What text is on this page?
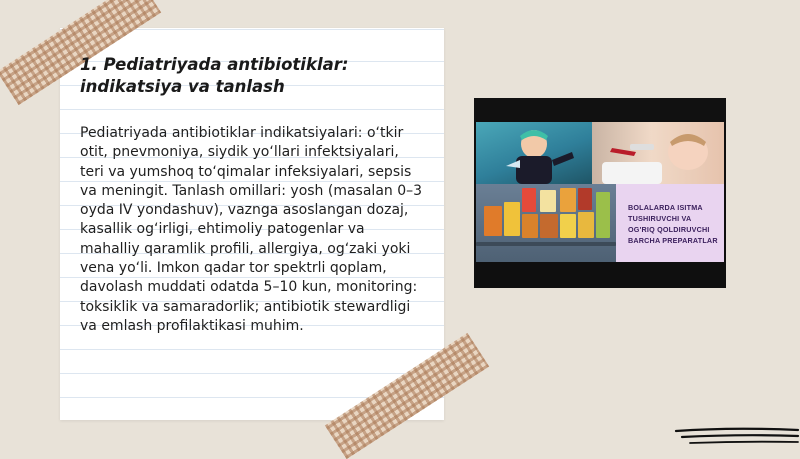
1. Pediatriyada antibiotiklar: indikatsiya va tanlash

Pediatriyada antibiotiklar indikatsiyalari: o‘tkir otit, pnevmoniya, siydik yo‘llari infektsiyalari, teri va yumshoq to‘qimalar infeksiyalari, sepsis va meningit. Tanlash omillari: yosh (masalan 0–3 oyda IV yondashuv), vaznga asoslangan dozaj, kasallik og‘irligi, ehtimoliy patogenlar va mahalliy qaramlik profili, allergiya, og‘zaki yoki vena yo‘li. Imkon qadar tor spektrli qoplam, davolash muddati odatda 5–10 kun, monitoring: toksiklik va samaradorlik; antibiotik stewardligi va emlash profilaktikasi muhim.

BOLALARDA ISITMA TUSHIRUVCHI VA OG'RIQ QOLDIRUVCHI BARCHA PREPARATLAR
